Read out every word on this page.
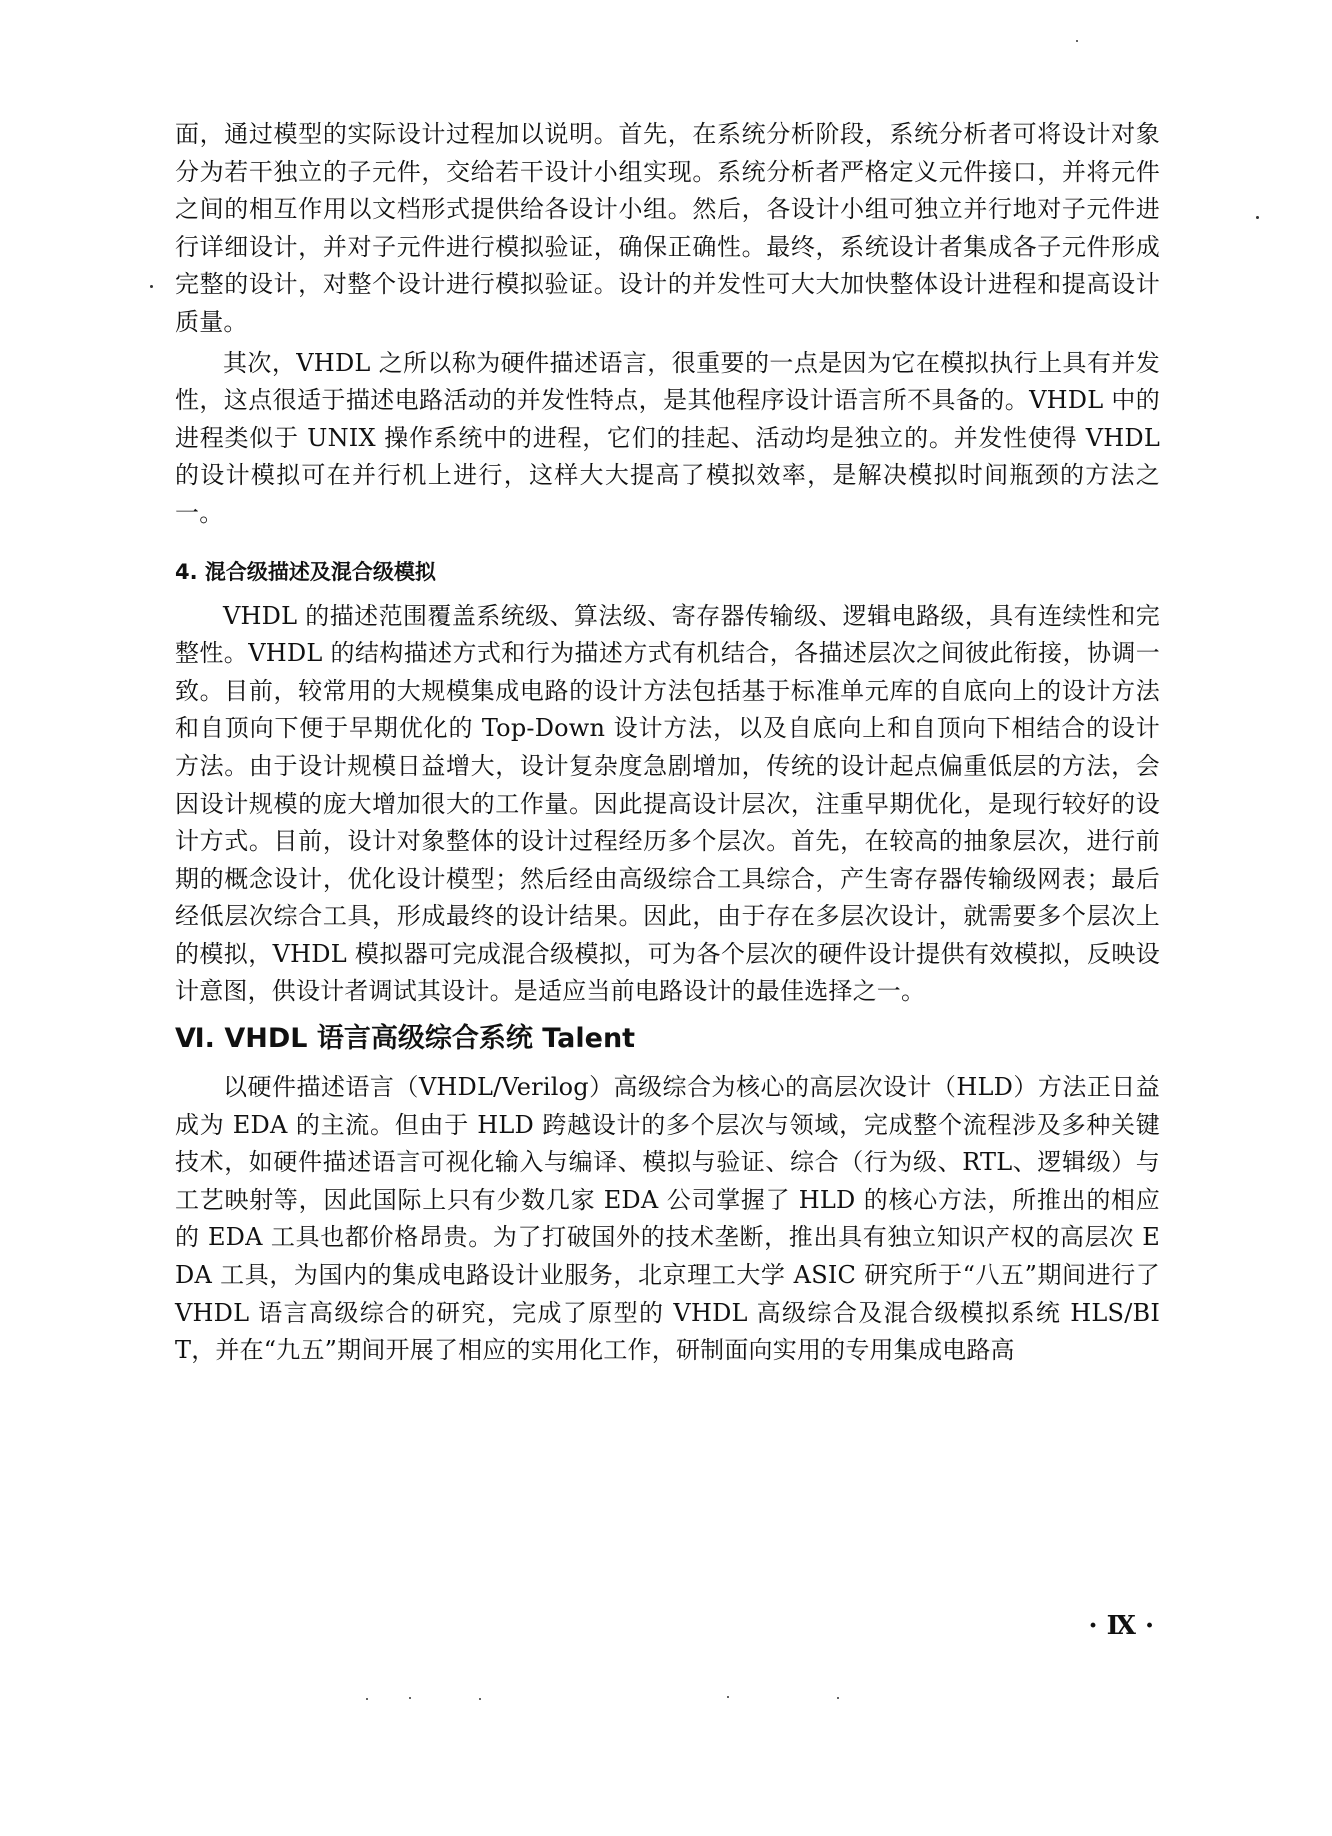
面，通过模型的实际设计过程加以说明。首先，在系统分析阶段，系统分析者可将设计对象分为若干独立的子元件，交给若干设计小组实现。系统分析者严格定义元件接口，并将元件之间的相互作用以文档形式提供给各设计小组。然后，各设计小组可独立并行地对子元件进行详细设计，并对子元件进行模拟验证，确保正确性。最终，系统设计者集成各子元件形成完整的设计，对整个设计进行模拟验证。设计的并发性可大大加快整体设计进程和提高设计质量。

其次，VHDL 之所以称为硬件描述语言，很重要的一点是因为它在模拟执行上具有并发性，这点很适于描述电路活动的并发性特点，是其他程序设计语言所不具备的。VHDL 中的进程类似于 UNIX 操作系统中的进程，它们的挂起、活动均是独立的。并发性使得 VHDL 的设计模拟可在并行机上进行，这样大大提高了模拟效率，是解决模拟时间瓶颈的方法之一。

4. 混合级描述及混合级模拟

VHDL 的描述范围覆盖系统级、算法级、寄存器传输级、逻辑电路级，具有连续性和完整性。VHDL 的结构描述方式和行为描述方式有机结合，各描述层次之间彼此衔接，协调一致。目前，较常用的大规模集成电路的设计方法包括基于标准单元库的自底向上的设计方法和自顶向下便于早期优化的 Top-Down 设计方法，以及自底向上和自顶向下相结合的设计方法。由于设计规模日益增大，设计复杂度急剧增加，传统的设计起点偏重低层的方法，会因设计规模的庞大增加很大的工作量。因此提高设计层次，注重早期优化，是现行较好的设计方式。目前，设计对象整体的设计过程经历多个层次。首先，在较高的抽象层次，进行前期的概念设计，优化设计模型；然后经由高级综合工具综合，产生寄存器传输级网表；最后经低层次综合工具，形成最终的设计结果。因此，由于存在多层次设计，就需要多个层次上的模拟，VHDL 模拟器可完成混合级模拟，可为各个层次的硬件设计提供有效模拟，反映设计意图，供设计者调试其设计。是适应当前电路设计的最佳选择之一。

Ⅵ. VHDL 语言高级综合系统 Talent

以硬件描述语言（VHDL/Verilog）高级综合为核心的高层次设计（HLD）方法正日益成为 EDA 的主流。但由于 HLD 跨越设计的多个层次与领域，完成整个流程涉及多种关键技术，如硬件描述语言可视化输入与编译、模拟与验证、综合（行为级、RTL、逻辑级）与工艺映射等，因此国际上只有少数几家 EDA 公司掌握了 HLD 的核心方法，所推出的相应的 EDA 工具也都价格昂贵。为了打破国外的技术垄断，推出具有独立知识产权的高层次 EDA 工具，为国内的集成电路设计业服务，北京理工大学 ASIC 研究所于“八五”期间进行了 VHDL 语言高级综合的研究，完成了原型的 VHDL 高级综合及混合级模拟系统 HLS/BIT，并在“九五”期间开展了相应的实用化工作，研制面向实用的专用集成电路高

· Ⅸ ·
